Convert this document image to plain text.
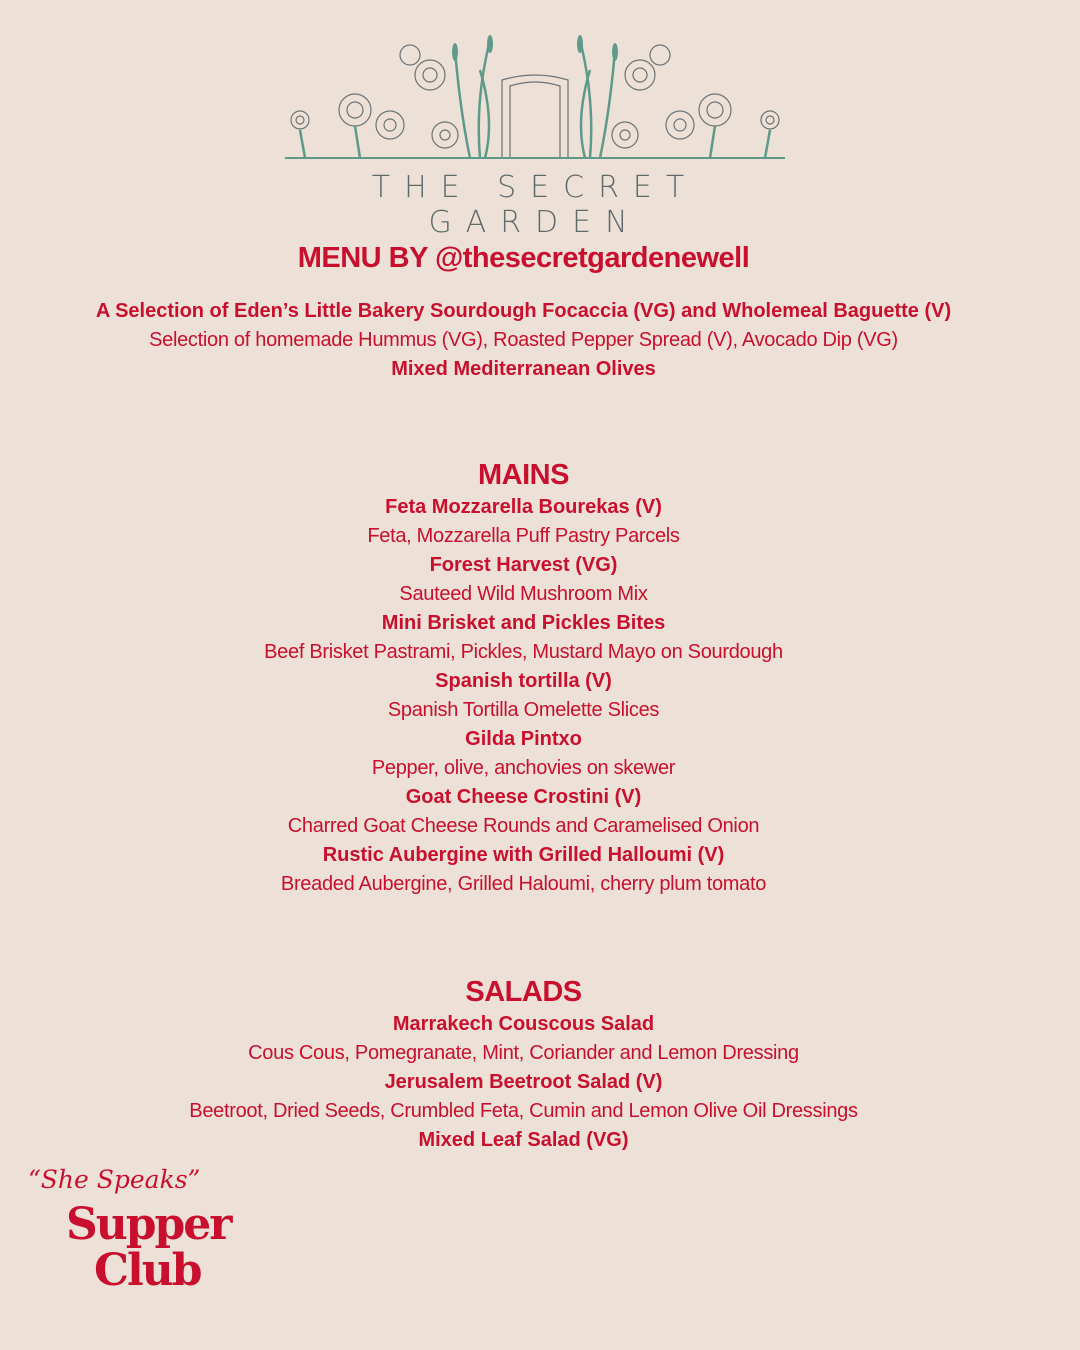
THE SECRET GARDEN
MENU BY @thesecretgardenewell
A Selection of Eden’s Little Bakery Sourdough Focaccia (VG) and Wholemeal Baguette (V)
Selection of homemade Hummus (VG), Roasted Pepper Spread (V), Avocado Dip (VG)
Mixed Mediterranean Olives
MAINS
Feta Mozzarella Bourekas (V)
Feta, Mozzarella Puff Pastry Parcels
Forest Harvest (VG)
Sauteed Wild Mushroom Mix
Mini Brisket and Pickles Bites
Beef Brisket Pastrami, Pickles, Mustard Mayo on Sourdough
Spanish tortilla (V)
Spanish Tortilla Omelette Slices
Gilda Pintxo
Pepper, olive, anchovies on skewer
Goat Cheese Crostini (V)
Charred Goat Cheese Rounds and Caramelised Onion
Rustic Aubergine with Grilled Halloumi (V)
Breaded Aubergine, Grilled Haloumi, cherry plum tomato
SALADS
Marrakech Couscous Salad
Cous Cous, Pomegranate, Mint, Coriander and Lemon Dressing
Jerusalem Beetroot Salad (V)
Beetroot, Dried Seeds, Crumbled Feta, Cumin and Lemon Olive Oil Dressings
Mixed Leaf Salad (VG)
“She Speaks”
Supper
Club
